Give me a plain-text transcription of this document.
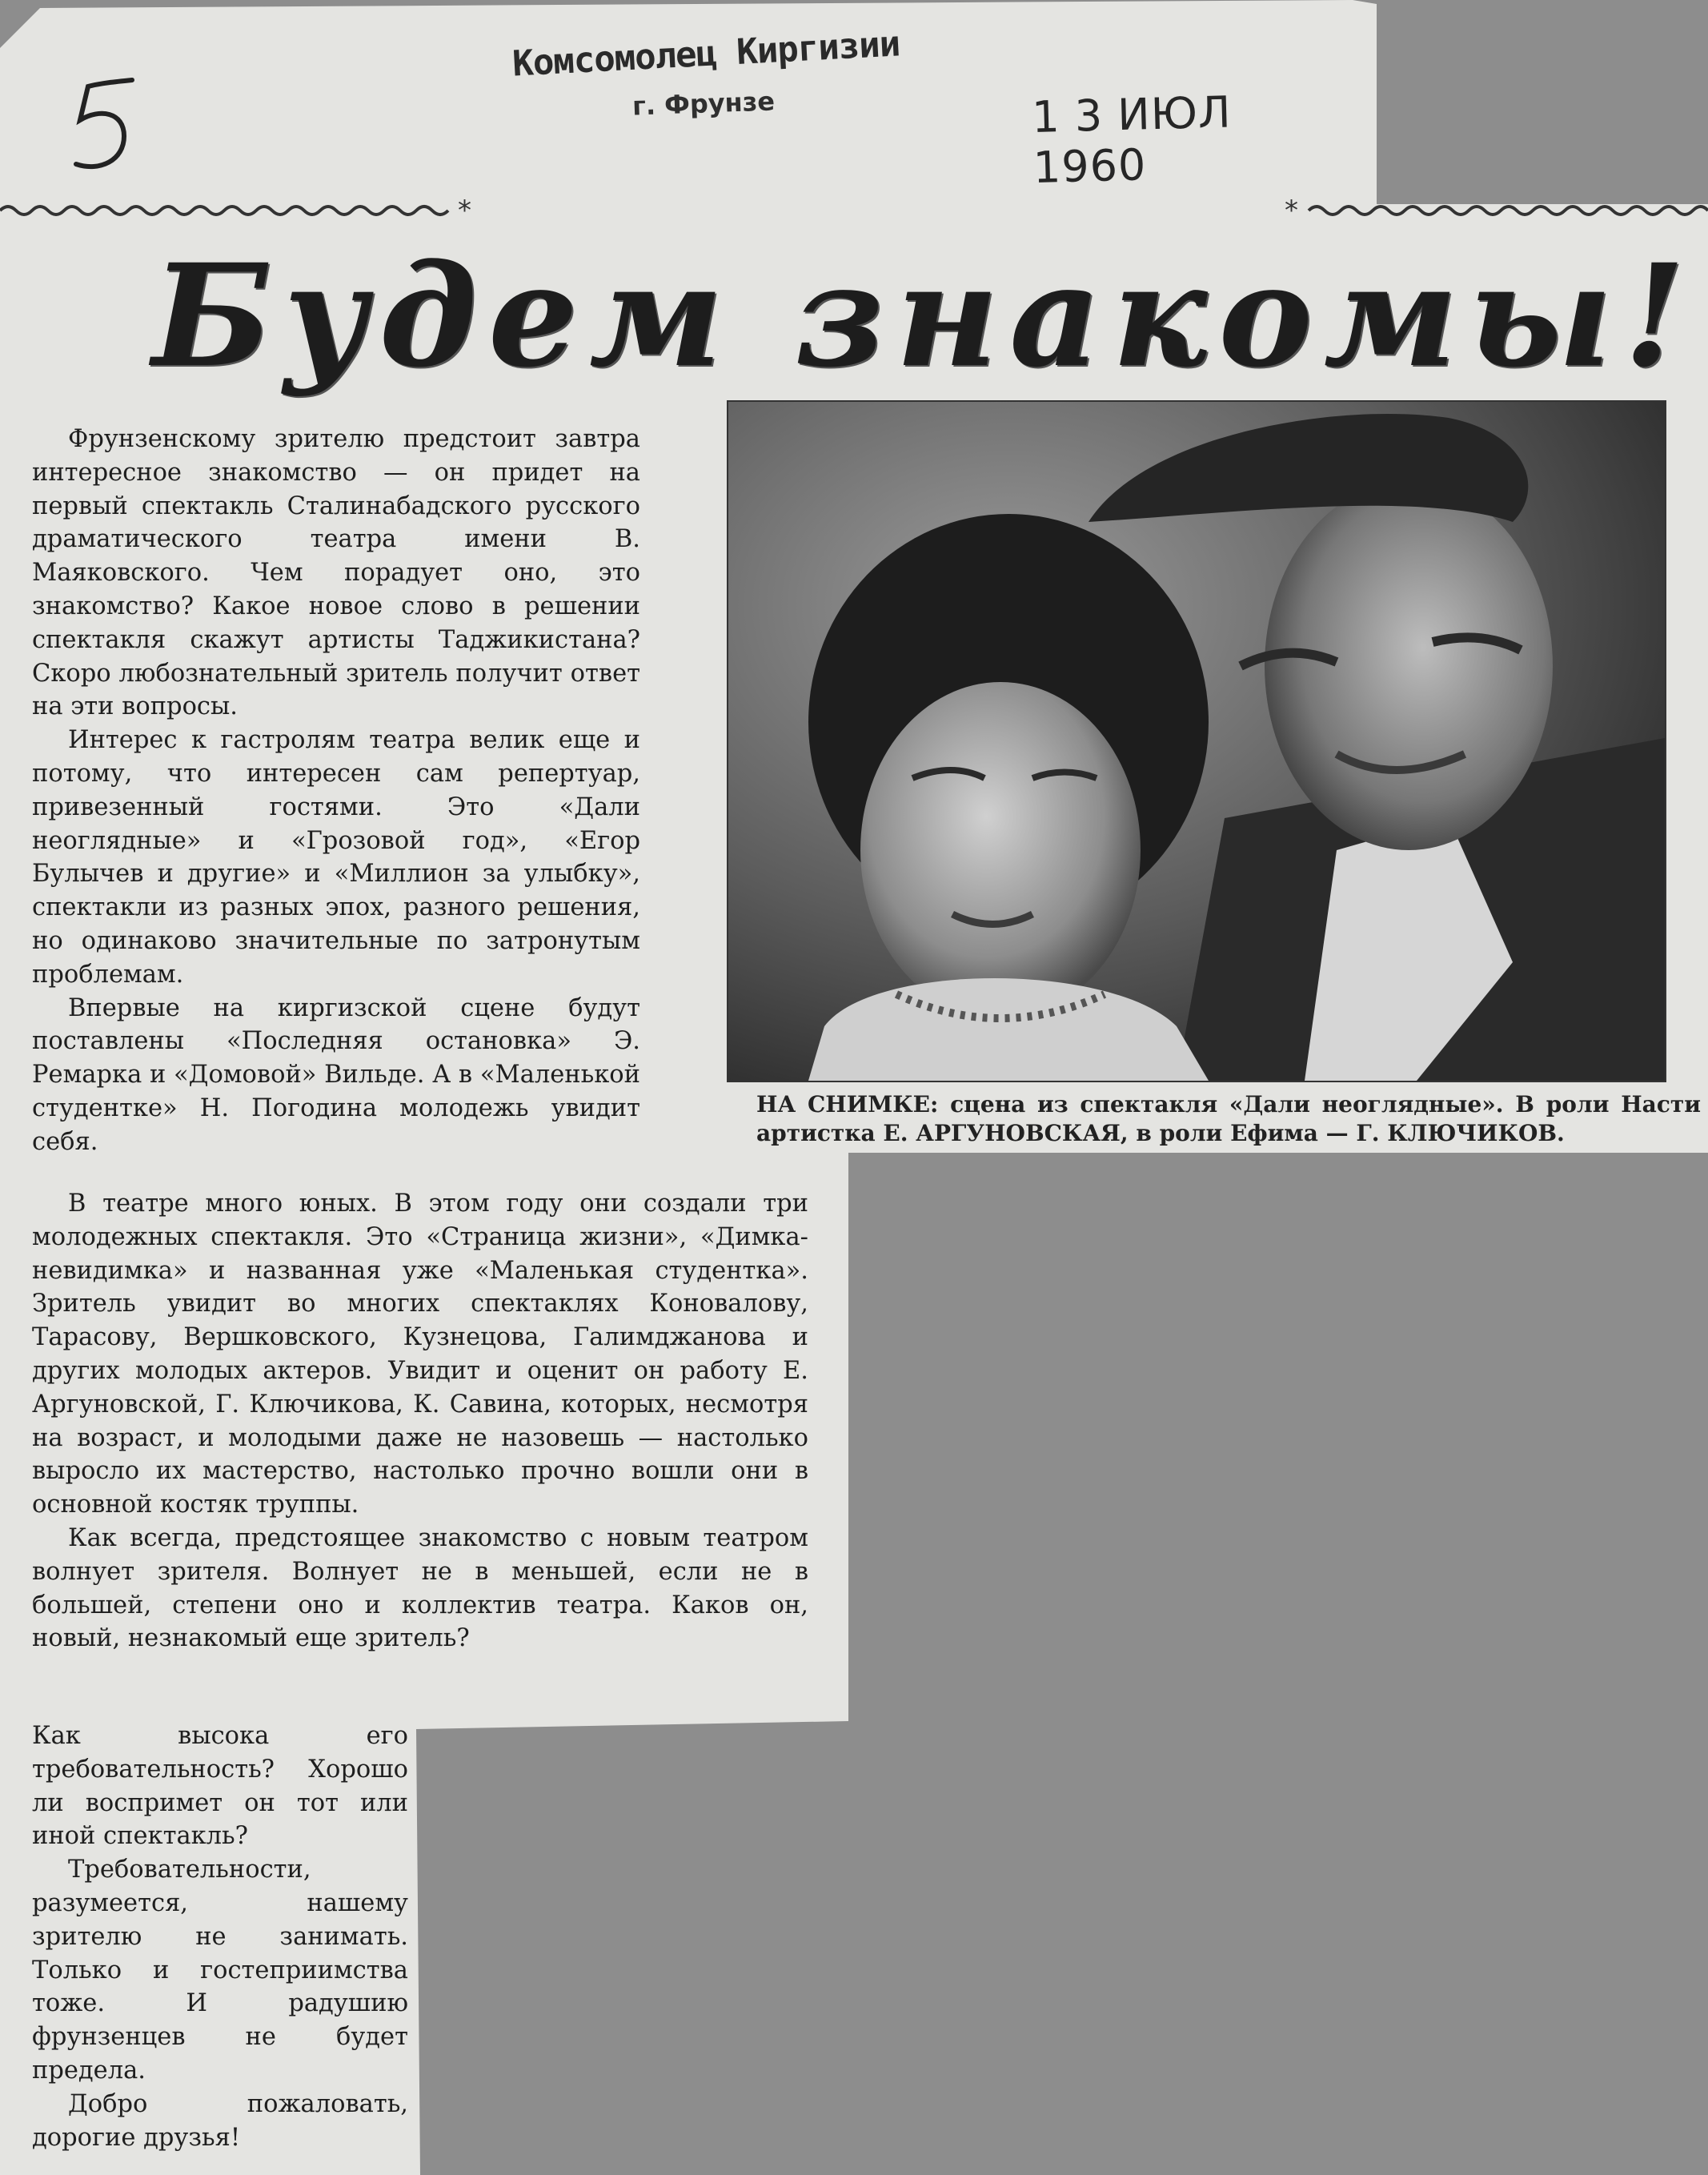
Комсомолец Киргизии
г. Фрунзе	1 3 ИЮЛ 1960
*	*
Будем знакомы!

Фрунзенскому зрителю предстоит завтра интересное знакомство — он придет на первый спектакль Сталинабадского русского драматического театра имени В. Маяковского. Чем порадует оно, это знакомство? Какое новое слово в решении спектакля скажут артисты Таджикистана? Скоро любознательный зритель получит ответ на эти вопросы.

Интерес к гастролям театра велик еще и потому, что интересен сам репертуар, привезенный гостями. Это «Дали неоглядные» и «Грозовой год», «Егор Булычев и другие» и «Миллион за улыбку», спектакли из разных эпох, разного решения, но одинаково значительные по затронутым проблемам.

Впервые на киргизской сцене будут поставлены «Последняя остановка» Э. Ремарка и «Домовой» Вильде. А в «Маленькой студентке» Н. Погодина молодежь увидит себя.

НА СНИМКЕ: сцена из спектакля «Дали неоглядные». В роли Насти артистка Е. АРГУНОВСКАЯ, в роли Ефима — Г. КЛЮЧИКОВ.

В театре много юных. В этом году они создали три молодежных спектакля. Это «Страница жизни», «Димка-невидимка» и названная уже «Маленькая студентка». Зритель увидит во многих спектаклях Коновалову, Тарасову, Вершковского, Кузнецова, Галимджанова и других молодых актеров. Увидит и оценит он работу Е. Аргуновской, Г. Ключикова, К. Савина, которых, несмотря на возраст, и молодыми даже не назовешь — настолько выросло их мастерство, настолько прочно вошли они в основной костяк труппы.

Как всегда, предстоящее знакомство с новым театром волнует зрителя. Волнует не в меньшей, если не в большей, степени оно и коллектив театра. Каков он, новый, незнакомый еще зритель?

Как высока его требовательность? Хорошо ли воспримет он тот или иной спектакль?

Требовательности, разумеется, нашему зрителю не занимать. Только и гостеприимства тоже. И радушию фрунзенцев не будет предела.

Добро пожаловать, дорогие друзья!
